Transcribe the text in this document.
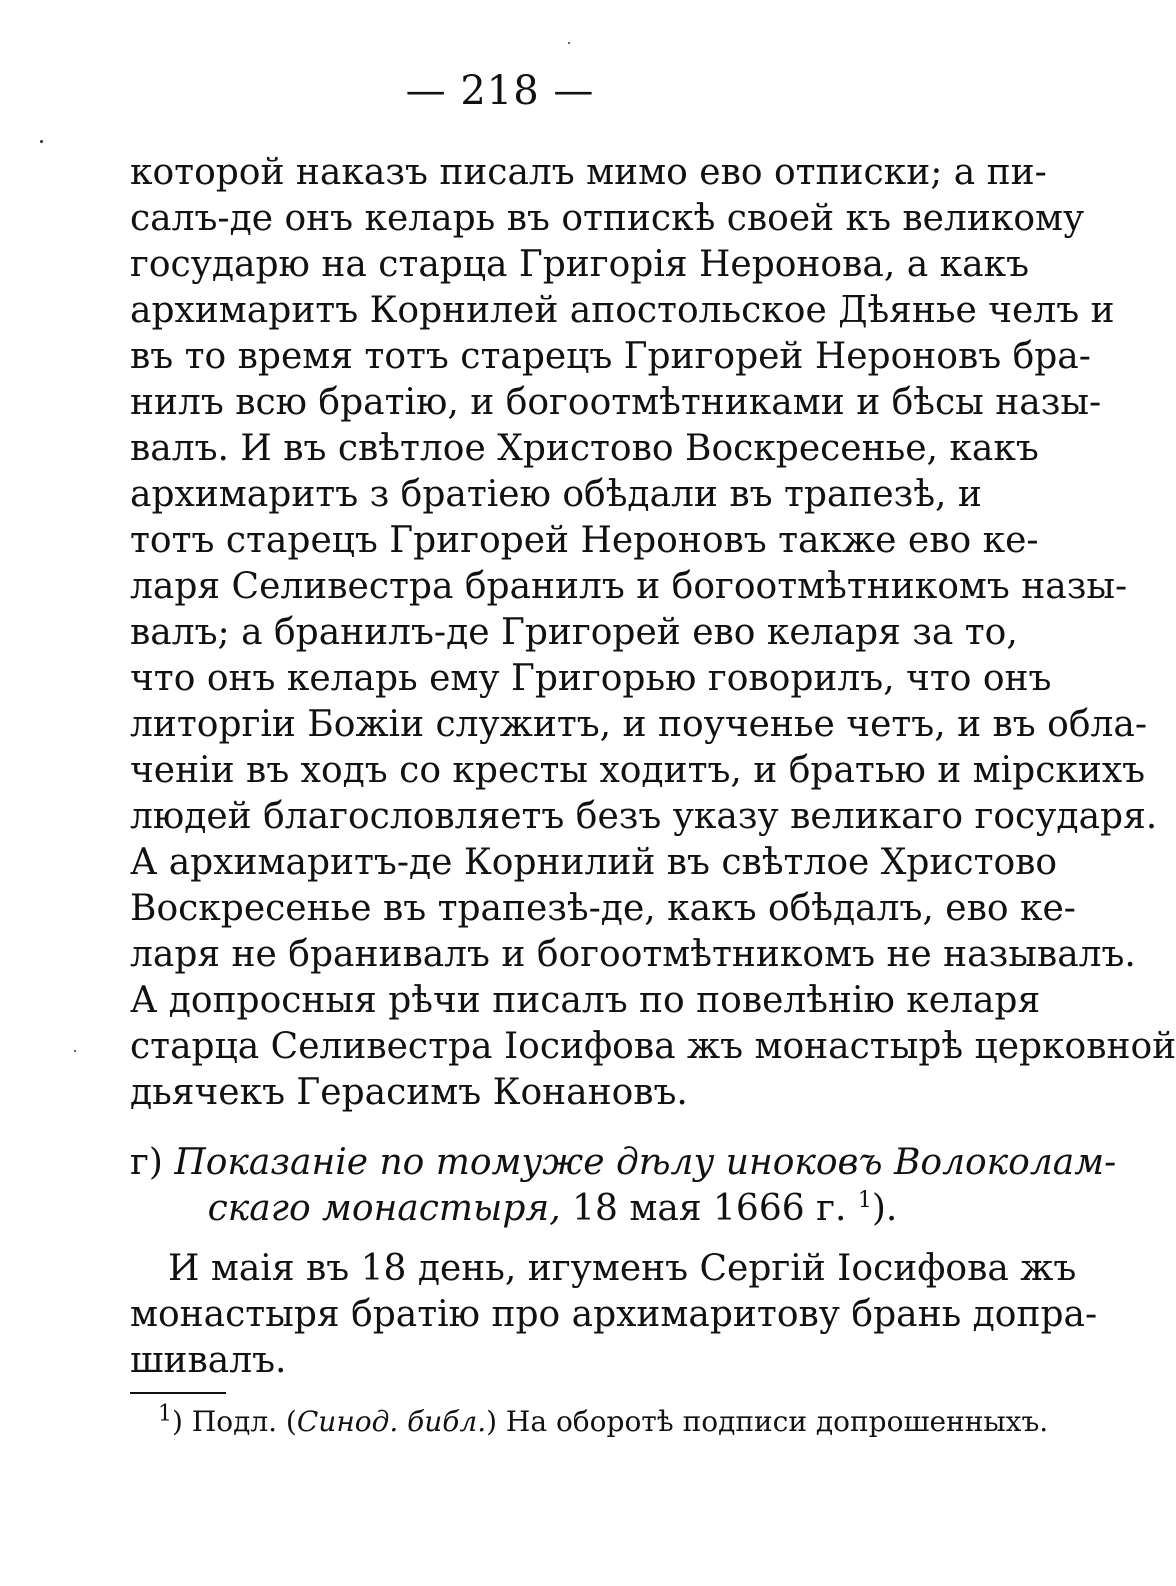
— 218 —
которой наказъ писалъ мимо ево отписки; а пи-
салъ-де онъ келарь въ отпискѣ своей къ великому
государю на старца Григорія Неронова, а какъ
архимаритъ Корнилей апостольское Дѣянье челъ и
въ то время тотъ старецъ Григорей Нероновъ бра-
нилъ всю братію, и богоотмѣтниками и бѣсы назы-
валъ. И въ свѣтлое Христово Воскресенье, какъ
архимаритъ з братіею обѣдали въ трапезѣ, и
тотъ старецъ Григорей Нероновъ также ево ке-
ларя Селивестра бранилъ и богоотмѣтникомъ назы-
валъ; а бранилъ-де Григорей ево келаря за то,
что онъ келарь ему Григорью говорилъ, что онъ
литоргіи Божіи служитъ, и поученье четъ, и въ обла-
ченіи въ ходъ со кресты ходитъ, и братью и мірскихъ
людей благословляетъ безъ указу великаго государя.
А архимаритъ-де Корнилий въ свѣтлое Христово
Воскресенье въ трапезѣ-де, какъ обѣдалъ, ево ке-
ларя не бранивалъ и богоотмѣтникомъ не называлъ.
А допросныя рѣчи писалъ по повелѣнію келаря
старца Селивестра Іосифова жъ монастырѣ церковной
дьячекъ Герасимъ Конановъ.
г) Показаніе по томуже дѣлу иноковъ Волоколам-
скаго монастыря, 18 мая 1666 г. $^1$).
И маія въ 18 день, игуменъ Сергій Іосифова жъ
монастыря братію про архимаритову брань допра-
шивалъ.
$^1$) Подл. (Синод. библ.) На оборотѣ подписи допрошенныхъ.
